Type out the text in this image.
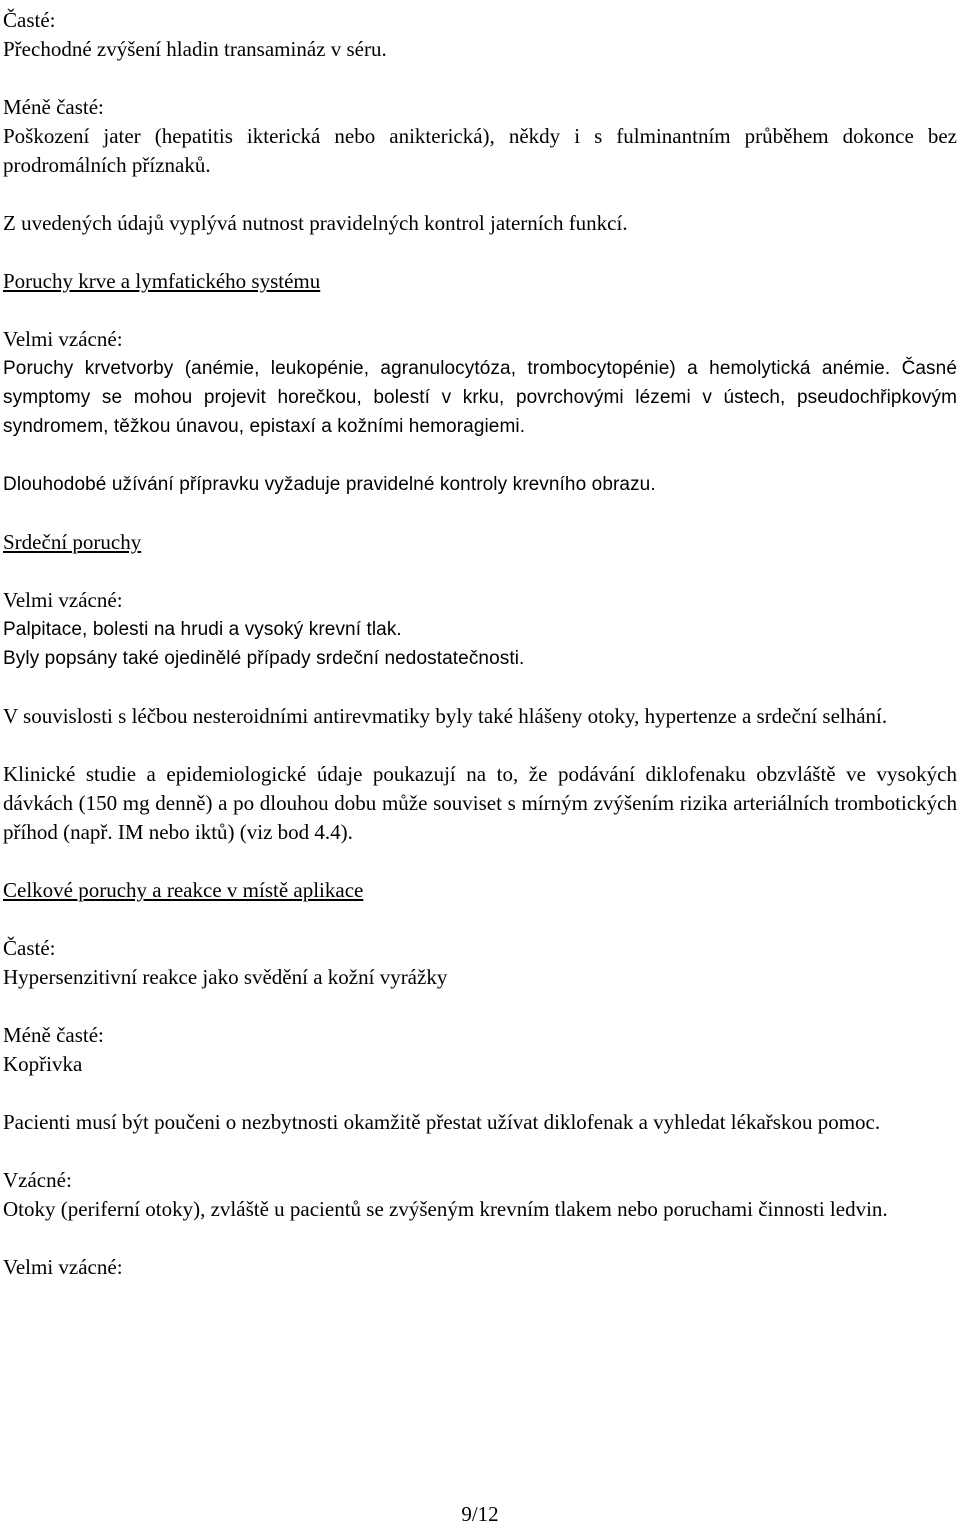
Časté:
Přechodné zvýšení hladin transamináz v séru.
Méně časté:
Poškození jater (hepatitis ikterická nebo anikterická), někdy i s fulminantním průběhem dokonce bez prodromálních příznaků.
Z uvedených údajů vyplývá nutnost pravidelných kontrol jaterních funkcí.
Poruchy krve a lymfatického systému
Velmi vzácné:
Poruchy krvetvorby (anémie, leukopénie, agranulocytóza, trombocytopénie) a hemolytická anémie. Časné symptomy se mohou projevit horečkou, bolestí v krku, povrchovými lézemi v ústech, pseudochřipkovým syndromem, těžkou únavou, epistaxí a kožními hemoragiemi.
Dlouhodobé užívání přípravku vyžaduje pravidelné kontroly krevního obrazu.
Srdeční poruchy
Velmi vzácné:
Palpitace, bolesti na hrudi a vysoký krevní tlak.
Byly popsány také ojedinělé případy srdeční nedostatečnosti.
V souvislosti s léčbou nesteroidními antirevmatiky byly také hlášeny otoky, hypertenze a srdeční selhání.
Klinické studie a epidemiologické údaje poukazují na to, že podávání diklofenaku obzvláště ve vysokých dávkách (150 mg denně) a po dlouhou dobu může souviset s mírným zvýšením rizika arteriálních trombotických příhod (např. IM nebo iktů) (viz bod 4.4).
Celkové poruchy a reakce v místě aplikace
Časté:
Hypersenzitivní reakce jako svědění a kožní vyrážky
Méně časté:
Kopřivka
Pacienti musí být poučeni o nezbytnosti okamžitě přestat užívat diklofenak a vyhledat lékařskou pomoc.
Vzácné:
Otoky (periferní otoky), zvláště u pacientů se zvýšeným krevním tlakem nebo poruchami činnosti ledvin.
Velmi vzácné:
9/12
